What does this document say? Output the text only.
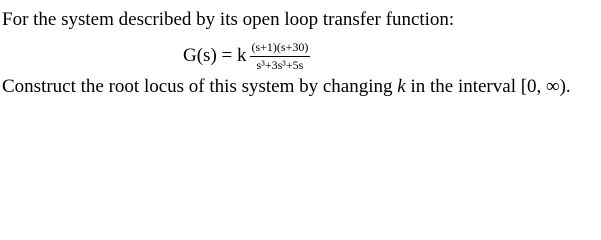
For the system described by its open loop transfer function:
G(s) = k $\frac{(s+1)(s+30)}{\text{s³+3s³+5s}}$
Construct the root locus of this system by changing k in the interval [0, ∞).
